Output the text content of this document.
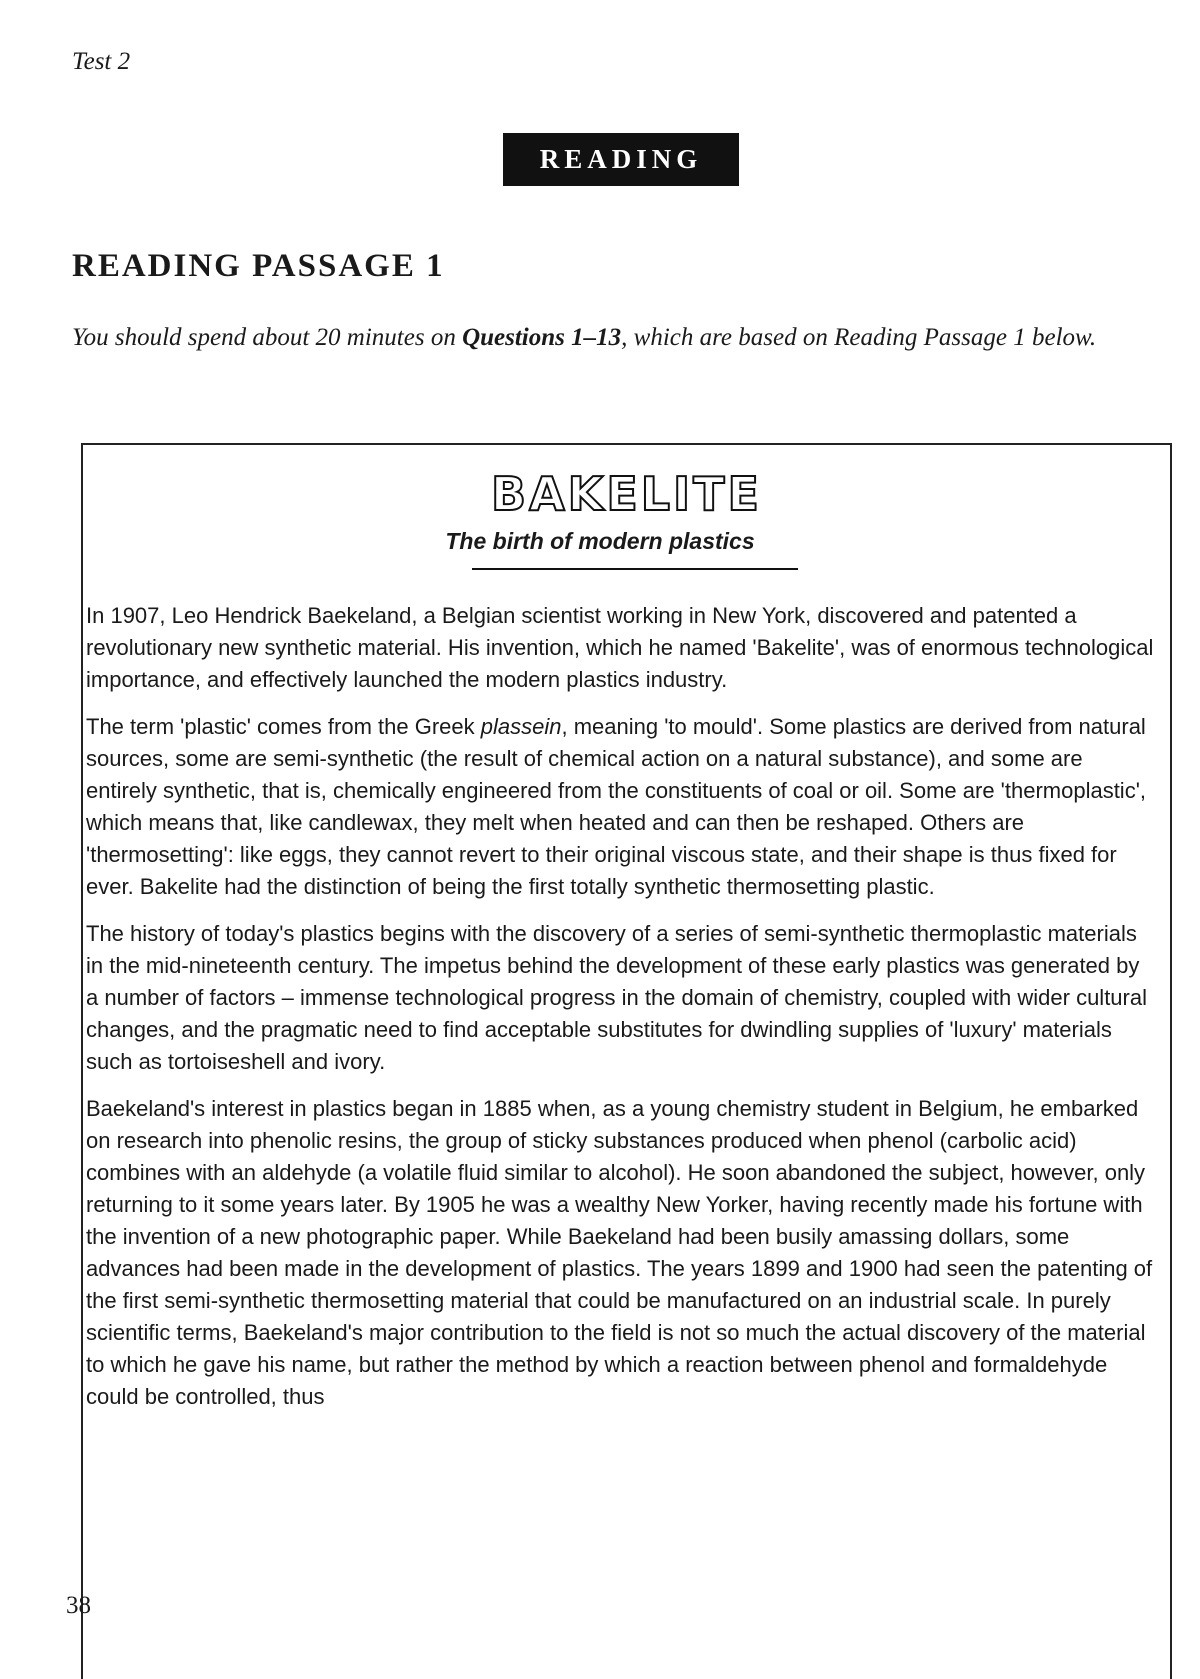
Test 2
READING
READING PASSAGE 1
You should spend about 20 minutes on Questions 1–13, which are based on Reading Passage 1 below.
BAKELITE
The birth of modern plastics

In 1907, Leo Hendrick Baekeland, a Belgian scientist working in New York, discovered and patented a revolutionary new synthetic material. His invention, which he named 'Bakelite', was of enormous technological importance, and effectively launched the modern plastics industry.

The term 'plastic' comes from the Greek plassein, meaning 'to mould'. Some plastics are derived from natural sources, some are semi-synthetic (the result of chemical action on a natural substance), and some are entirely synthetic, that is, chemically engineered from the constituents of coal or oil. Some are 'thermoplastic', which means that, like candlewax, they melt when heated and can then be reshaped. Others are 'thermosetting': like eggs, they cannot revert to their original viscous state, and their shape is thus fixed for ever. Bakelite had the distinction of being the first totally synthetic thermosetting plastic.

The history of today's plastics begins with the discovery of a series of semi-synthetic thermoplastic materials in the mid-nineteenth century. The impetus behind the development of these early plastics was generated by a number of factors – immense technological progress in the domain of chemistry, coupled with wider cultural changes, and the pragmatic need to find acceptable substitutes for dwindling supplies of 'luxury' materials such as tortoiseshell and ivory.

Baekeland's interest in plastics began in 1885 when, as a young chemistry student in Belgium, he embarked on research into phenolic resins, the group of sticky substances produced when phenol (carbolic acid) combines with an aldehyde (a volatile fluid similar to alcohol). He soon abandoned the subject, however, only returning to it some years later. By 1905 he was a wealthy New Yorker, having recently made his fortune with the invention of a new photographic paper. While Baekeland had been busily amassing dollars, some advances had been made in the development of plastics. The years 1899 and 1900 had seen the patenting of the first semi-synthetic thermosetting material that could be manufactured on an industrial scale. In purely scientific terms, Baekeland's major contribution to the field is not so much the actual discovery of the material to which he gave his name, but rather the method by which a reaction between phenol and formaldehyde could be controlled, thus

38
